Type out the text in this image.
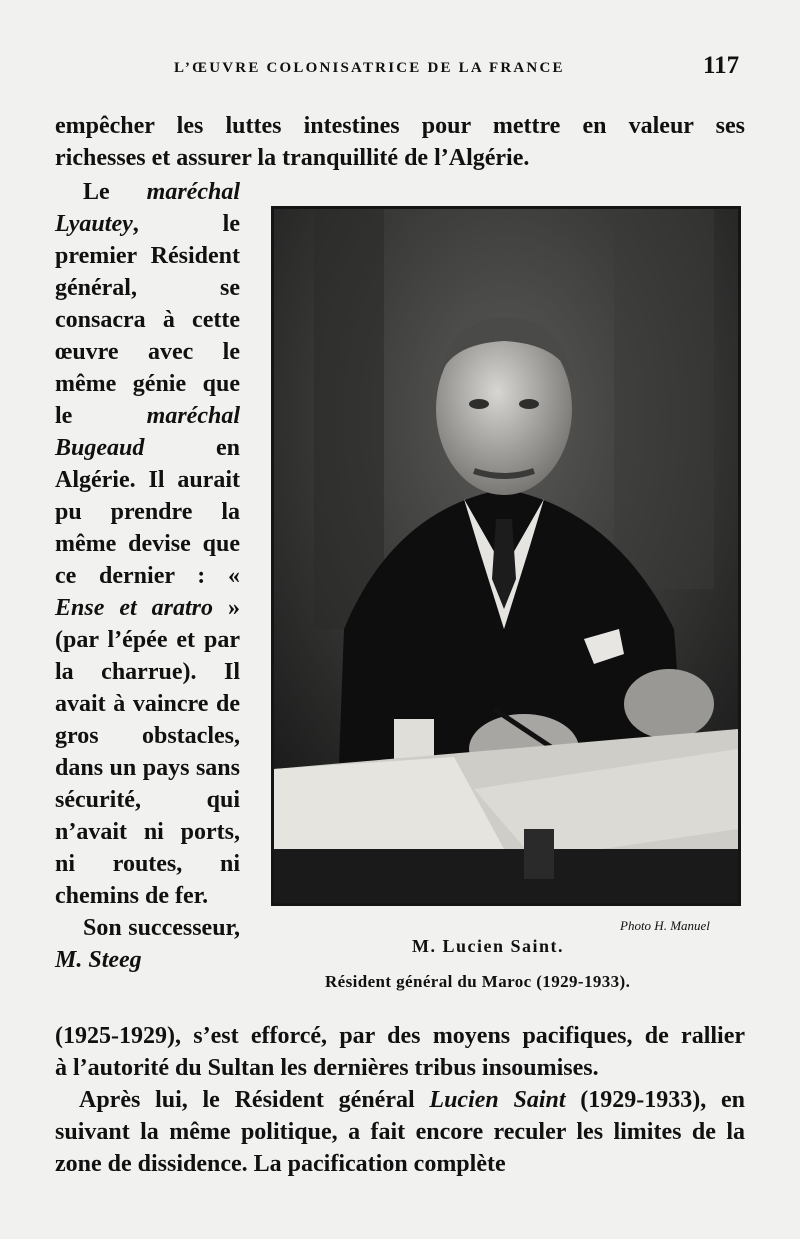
L’ŒUVRE COLONISATRICE DE LA FRANCE	117

empêcher les luttes intestines pour mettre en valeur ses

richesses et assurer la tranquillité de l’Algérie.

Le maréchal Lyautey, le premier Résident général, se consacra à cette œuvre avec le même génie que le maréchal Bugeaud en Algérie. Il aurait pu prendre la même devise que ce dernier : « Ense et aratro » (par l’épée et par la charrue). Il avait à vaincre de gros obstacles, dans un pays sans sécurité, qui n’avait ni ports, ni routes, ni chemins de fer.

Son successeur, M. Steeg

Photo H. Manuel
M. Lucien Saint.
Résident général du Maroc (1929-1933).

(1925-1929), s’est efforcé, par des moyens pacifiques, de rallier

à l’autorité du Sultan les dernières tribus insoumises.

Après lui, le Résident général Lucien Saint (1929-1933), en suivant la même politique, a fait encore reculer les limites de la zone de dissidence. La pacification complète
